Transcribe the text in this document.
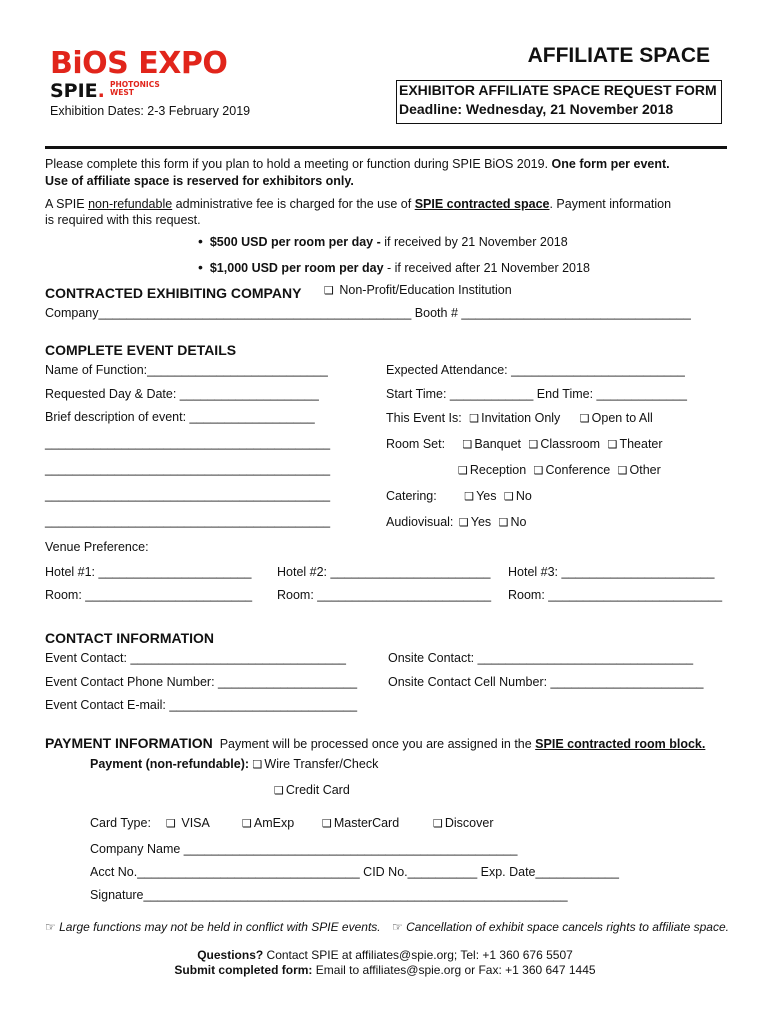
BiOS EXPO
SPIE. PHOTONICS
WEST
Exhibition Dates: 2-3 February 2019
AFFILIATE SPACE
EXHIBITOR AFFILIATE SPACE REQUEST FORM
Deadline: Wednesday, 21 November 2018
Please complete this form if you plan to hold a meeting or function during SPIE BiOS 2019. One form per event.
Use of affiliate space is reserved for exhibitors only.
A SPIE non-refundable administrative fee is charged for the use of SPIE contracted space. Payment information
is required with this request.
• $500 USD per room per day - if received by 21 November 2018
• $1,000 USD per room per day - if received after 21 November 2018
CONTRACTED EXHIBITING COMPANY ❑ Non-Profit/Education Institution
Company_____________________________________________ Booth # _________________________________
COMPLETE EVENT DETAILS
Name of Function:__________________________
Requested Day & Date: ____________________
Brief description of event: __________________
_________________________________________
_________________________________________
_________________________________________
_________________________________________
Expected Attendance: _________________________
Start Time: ____________ End Time: _____________
This Event Is: ❑ Invitation Only ❑ Open to All
Room Set: ❑ Banquet ❑ Classroom ❑ Theater
❑ Reception ❑ Conference ❑ Other
Catering: ❑ Yes ❑ No
Audiovisual: ❑ Yes ❑ No
Venue Preference:
Hotel #1: ______________________ Hotel #2: _______________________ Hotel #3: ______________________
Room: ________________________ Room: _________________________ Room: _________________________
CONTACT INFORMATION
Event Contact: _______________________________	Onsite Contact: _______________________________
Event Contact Phone Number: ____________________ Onsite Contact Cell Number: ______________________
Event Contact E-mail: ___________________________
PAYMENT INFORMATION Payment will be processed once you are assigned in the SPIE contracted room block.
Payment (non-refundable): ❑ Wire Transfer/Check
❑ Credit Card
Card Type: ❑ VISA	❑ AmExp	❑ MasterCard	❑ Discover
Company Name ________________________________________________
Acct No.________________________________ CID No.__________ Exp. Date____________
Signature_____________________________________________________________
☞ Large functions may not be held in conflict with SPIE events. ☞ Cancellation of exhibit space cancels rights to affiliate space.
Questions? Contact SPIE at affiliates@spie.org; Tel: +1 360 676 5507
Submit completed form: Email to affiliates@spie.org or Fax: +1 360 647 1445
